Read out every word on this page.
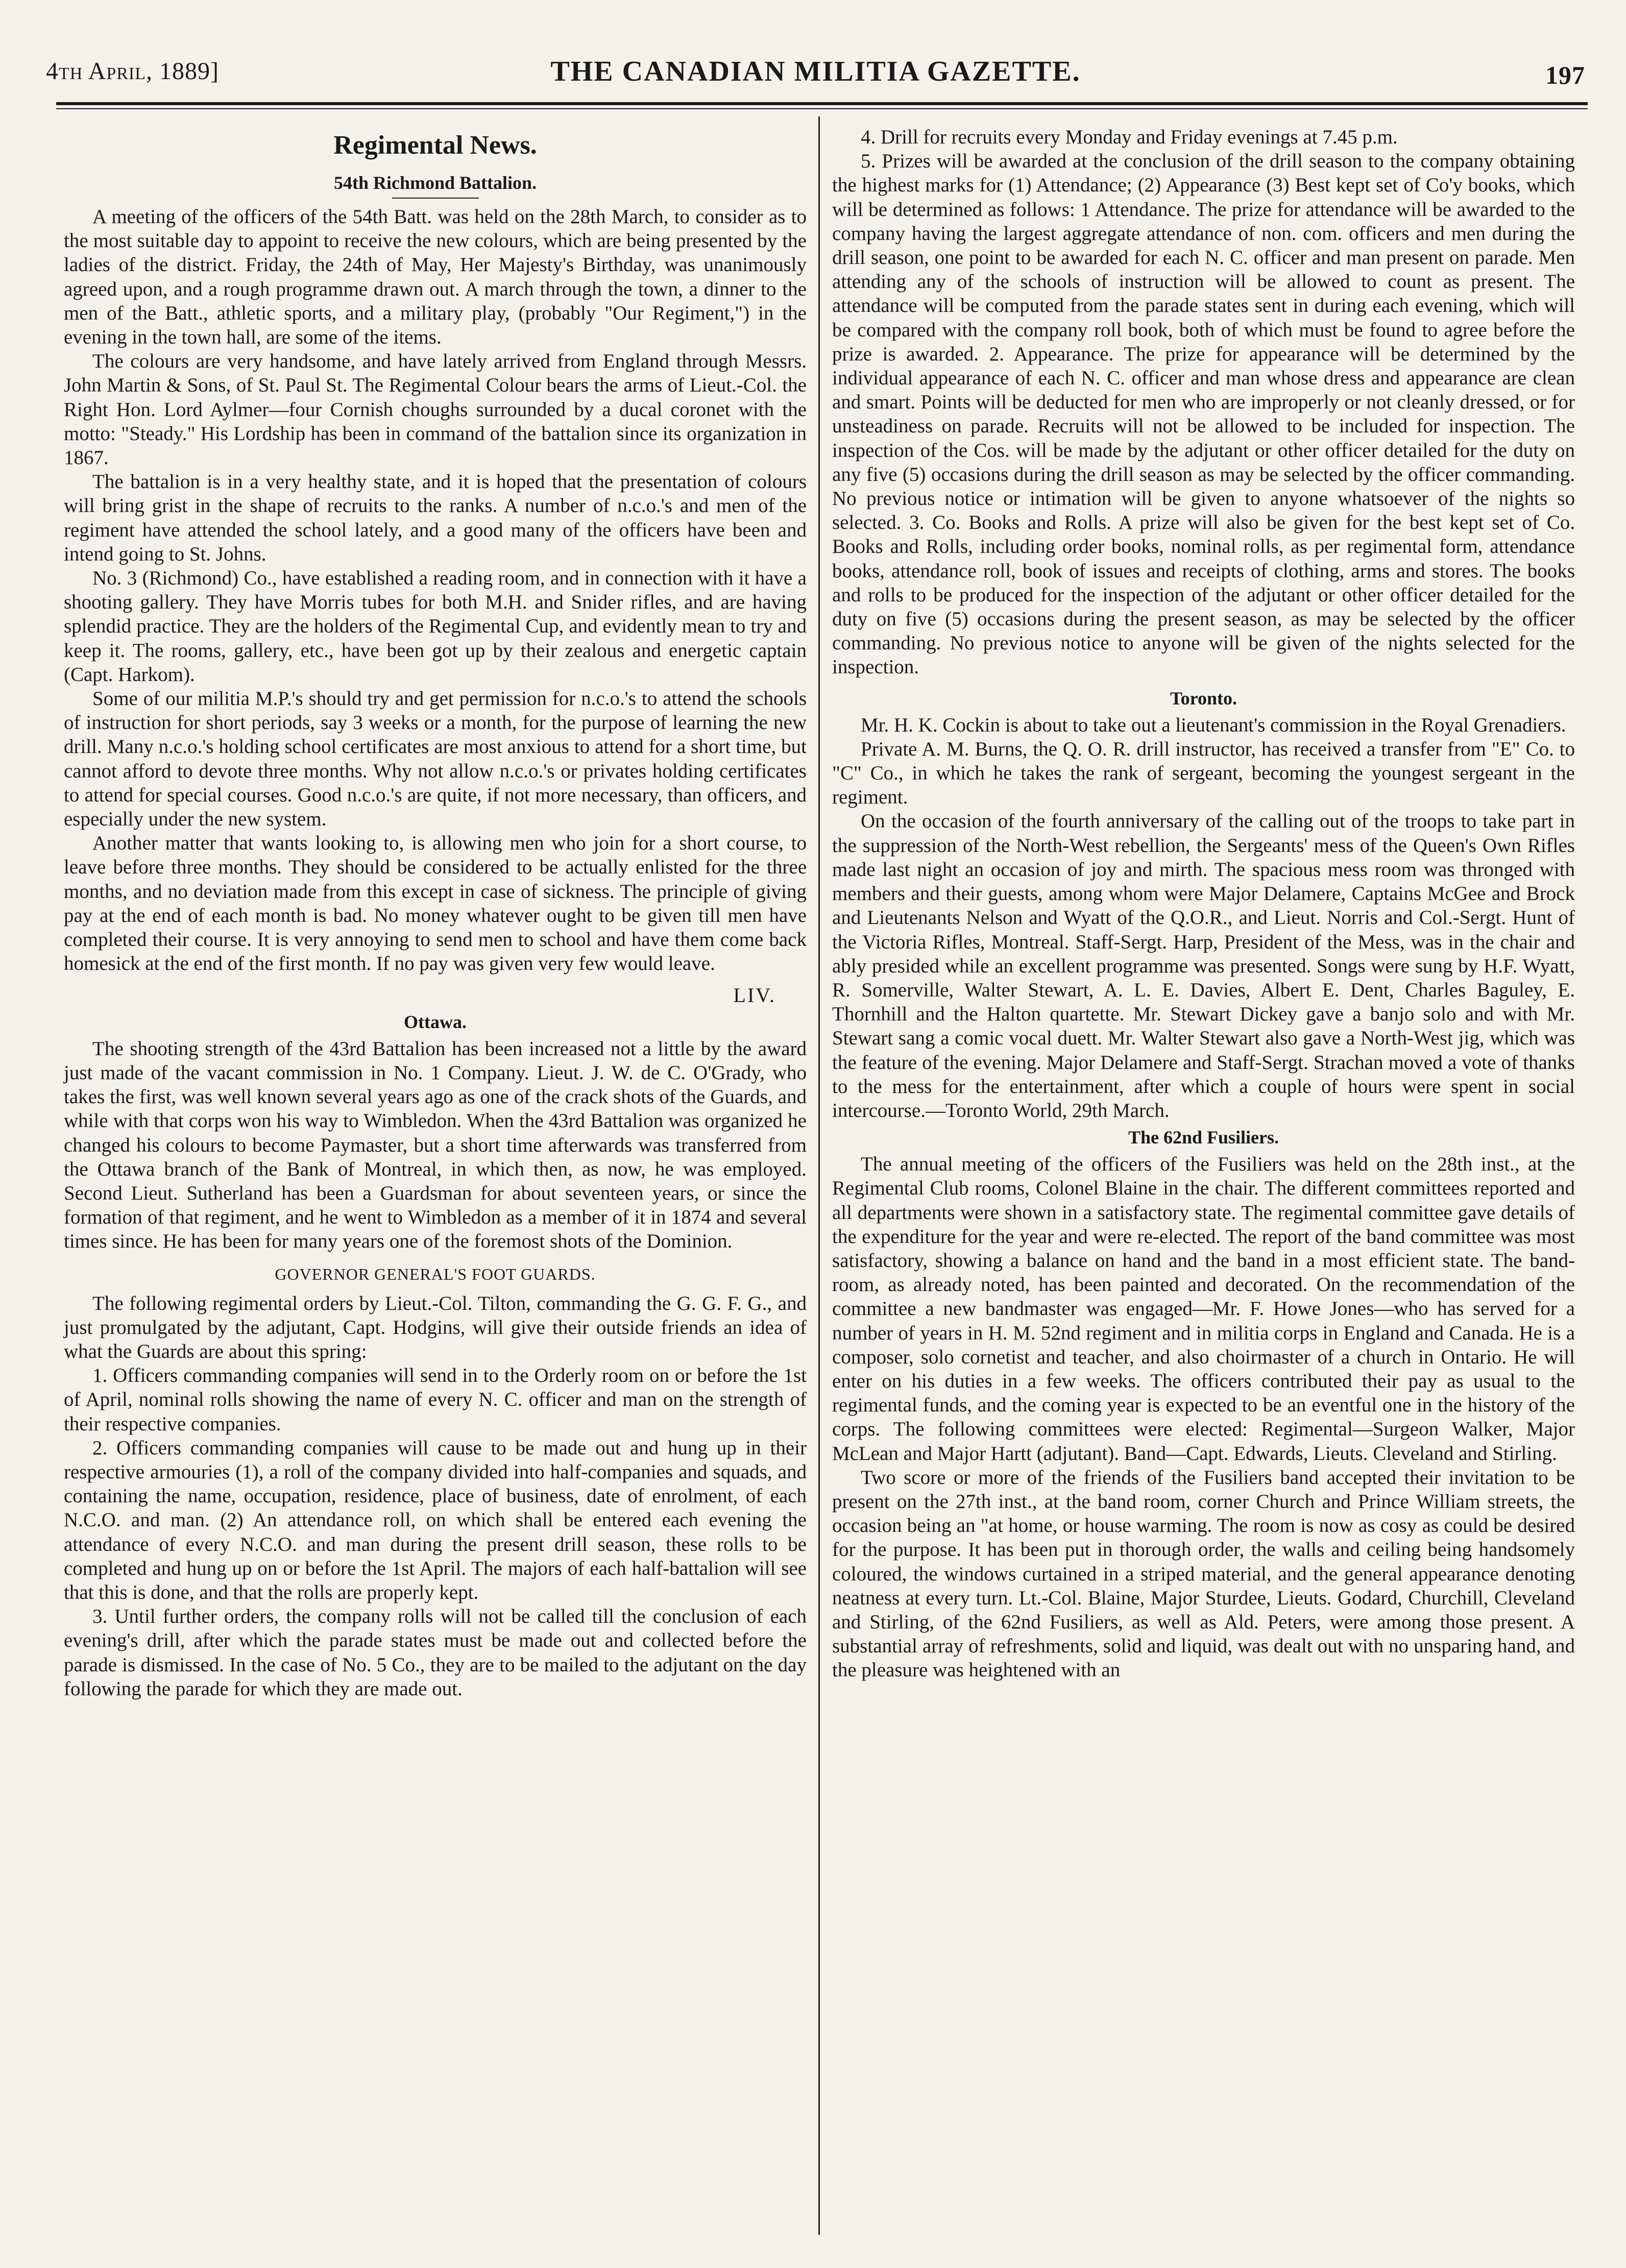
4th April, 1889]	THE CANADIAN MILITIA GAZETTE.	197
Regimental News.
54th Richmond Battalion.

A meeting of the officers of the 54th Batt. was held on the 28th March, to consider as to the most suitable day to appoint to receive the new colours, which are being presented by the ladies of the district. Friday, the 24th of May, Her Majesty's Birthday, was unanimously agreed upon, and a rough programme drawn out. A march through the town, a dinner to the men of the Batt., athletic sports, and a military play, (probably "Our Regiment,") in the evening in the town hall, are some of the items.

The colours are very handsome, and have lately arrived from England through Messrs. John Martin & Sons, of St. Paul St. The Regimental Colour bears the arms of Lieut.-Col. the Right Hon. Lord Aylmer—four Cornish choughs surrounded by a ducal coronet with the motto: "Steady." His Lordship has been in command of the battalion since its organization in 1867.

The battalion is in a very healthy state, and it is hoped that the presentation of colours will bring grist in the shape of recruits to the ranks. A number of n.c.o.'s and men of the regiment have attended the school lately, and a good many of the officers have been and intend going to St. Johns.

No. 3 (Richmond) Co., have established a reading room, and in connection with it have a shooting gallery. They have Morris tubes for both M.H. and Snider rifles, and are having splendid practice. They are the holders of the Regimental Cup, and evidently mean to try and keep it. The rooms, gallery, etc., have been got up by their zealous and energetic captain (Capt. Harkom).

Some of our militia M.P.'s should try and get permission for n.c.o.'s to attend the schools of instruction for short periods, say 3 weeks or a month, for the purpose of learning the new drill. Many n.c.o.'s holding school certificates are most anxious to attend for a short time, but cannot afford to devote three months. Why not allow n.c.o.'s or privates holding certificates to attend for special courses. Good n.c.o.'s are quite, if not more necessary, than officers, and especially under the new system.

Another matter that wants looking to, is allowing men who join for a short course, to leave before three months. They should be considered to be actually enlisted for the three months, and no deviation made from this except in case of sickness. The principle of giving pay at the end of each month is bad. No money whatever ought to be given till men have completed their course. It is very annoying to send men to school and have them come back homesick at the end of the first month. If no pay was given very few would leave.

LIV.
Ottawa.

The shooting strength of the 43rd Battalion has been increased not a little by the award just made of the vacant commission in No. 1 Company. Lieut. J. W. de C. O'Grady, who takes the first, was well known several years ago as one of the crack shots of the Guards, and while with that corps won his way to Wimbledon. When the 43rd Battalion was organized he changed his colours to become Paymaster, but a short time afterwards was transferred from the Ottawa branch of the Bank of Montreal, in which then, as now, he was employed. Second Lieut. Sutherland has been a Guardsman for about seventeen years, or since the formation of that regiment, and he went to Wimbledon as a member of it in 1874 and several times since. He has been for many years one of the foremost shots of the Dominion.

GOVERNOR GENERAL'S FOOT GUARDS.

The following regimental orders by Lieut.-Col. Tilton, commanding the G. G. F. G., and just promulgated by the adjutant, Capt. Hodgins, will give their outside friends an idea of what the Guards are about this spring:

1. Officers commanding companies will send in to the Orderly room on or before the 1st of April, nominal rolls showing the name of every N. C. officer and man on the strength of their respective companies.

2. Officers commanding companies will cause to be made out and hung up in their respective armouries (1), a roll of the company divided into half-companies and squads, and containing the name, occupation, residence, place of business, date of enrolment, of each N.C.O. and man. (2) An attendance roll, on which shall be entered each evening the attendance of every N.C.O. and man during the present drill season, these rolls to be completed and hung up on or before the 1st April. The majors of each half-battalion will see that this is done, and that the rolls are properly kept.

3. Until further orders, the company rolls will not be called till the conclusion of each evening's drill, after which the parade states must be made out and collected before the parade is dismissed. In the case of No. 5 Co., they are to be mailed to the adjutant on the day following the parade for which they are made out.

4. Drill for recruits every Monday and Friday evenings at 7.45 p.m.

5. Prizes will be awarded at the conclusion of the drill season to the company obtaining the highest marks for (1) Attendance; (2) Appearance (3) Best kept set of Co'y books, which will be determined as follows: 1 Attendance. The prize for attendance will be awarded to the company having the largest aggregate attendance of non. com. officers and men during the drill season, one point to be awarded for each N. C. officer and man present on parade. Men attending any of the schools of instruction will be allowed to count as present. The attendance will be computed from the parade states sent in during each evening, which will be compared with the company roll book, both of which must be found to agree before the prize is awarded. 2. Appearance. The prize for appearance will be determined by the individual appearance of each N. C. officer and man whose dress and appearance are clean and smart. Points will be deducted for men who are improperly or not cleanly dressed, or for unsteadiness on parade. Recruits will not be allowed to be included for inspection. The inspection of the Cos. will be made by the adjutant or other officer detailed for the duty on any five (5) occasions during the drill season as may be selected by the officer commanding. No previous notice or intimation will be given to anyone whatsoever of the nights so selected. 3. Co. Books and Rolls. A prize will also be given for the best kept set of Co. Books and Rolls, including order books, nominal rolls, as per regimental form, attendance books, attendance roll, book of issues and receipts of clothing, arms and stores. The books and rolls to be produced for the inspection of the adjutant or other officer detailed for the duty on five (5) occasions during the present season, as may be selected by the officer commanding. No previous notice to anyone will be given of the nights selected for the inspection.

Toronto.

Mr. H. K. Cockin is about to take out a lieutenant's commission in the Royal Grenadiers.

Private A. M. Burns, the Q. O. R. drill instructor, has received a transfer from "E" Co. to "C" Co., in which he takes the rank of sergeant, becoming the youngest sergeant in the regiment.

On the occasion of the fourth anniversary of the calling out of the troops to take part in the suppression of the North-West rebellion, the Sergeants' mess of the Queen's Own Rifles made last night an occasion of joy and mirth. The spacious mess room was thronged with members and their guests, among whom were Major Delamere, Captains McGee and Brock and Lieutenants Nelson and Wyatt of the Q.O.R., and Lieut. Norris and Col.-Sergt. Hunt of the Victoria Rifles, Montreal. Staff-Sergt. Harp, President of the Mess, was in the chair and ably presided while an excellent programme was presented. Songs were sung by H.F. Wyatt, R. Somerville, Walter Stewart, A. L. E. Davies, Albert E. Dent, Charles Baguley, E. Thornhill and the Halton quartette. Mr. Stewart Dickey gave a banjo solo and with Mr. Stewart sang a comic vocal duett. Mr. Walter Stewart also gave a North-West jig, which was the feature of the evening. Major Delamere and Staff-Sergt. Strachan moved a vote of thanks to the mess for the entertainment, after which a couple of hours were spent in social intercourse.—Toronto World, 29th March.

The 62nd Fusiliers.

The annual meeting of the officers of the Fusiliers was held on the 28th inst., at the Regimental Club rooms, Colonel Blaine in the chair. The different committees reported and all departments were shown in a satisfactory state. The regimental committee gave details of the expenditure for the year and were re-elected. The report of the band committee was most satisfactory, showing a balance on hand and the band in a most efficient state. The band-room, as already noted, has been painted and decorated. On the recommendation of the committee a new bandmaster was engaged—Mr. F. Howe Jones—who has served for a number of years in H. M. 52nd regiment and in militia corps in England and Canada. He is a composer, solo cornetist and teacher, and also choirmaster of a church in Ontario. He will enter on his duties in a few weeks. The officers contributed their pay as usual to the regimental funds, and the coming year is expected to be an eventful one in the history of the corps. The following committees were elected: Regimental—Surgeon Walker, Major McLean and Major Hartt (adjutant). Band—Capt. Edwards, Lieuts. Cleveland and Stirling.

Two score or more of the friends of the Fusiliers band accepted their invitation to be present on the 27th inst., at the band room, corner Church and Prince William streets, the occasion being an "at home, or house warming. The room is now as cosy as could be desired for the purpose. It has been put in thorough order, the walls and ceiling being handsomely coloured, the windows curtained in a striped material, and the general appearance denoting neatness at every turn. Lt.-Col. Blaine, Major Sturdee, Lieuts. Godard, Churchill, Cleveland and Stirling, of the 62nd Fusiliers, as well as Ald. Peters, were among those present. A substantial array of refreshments, solid and liquid, was dealt out with no unsparing hand, and the pleasure was heightened with an
